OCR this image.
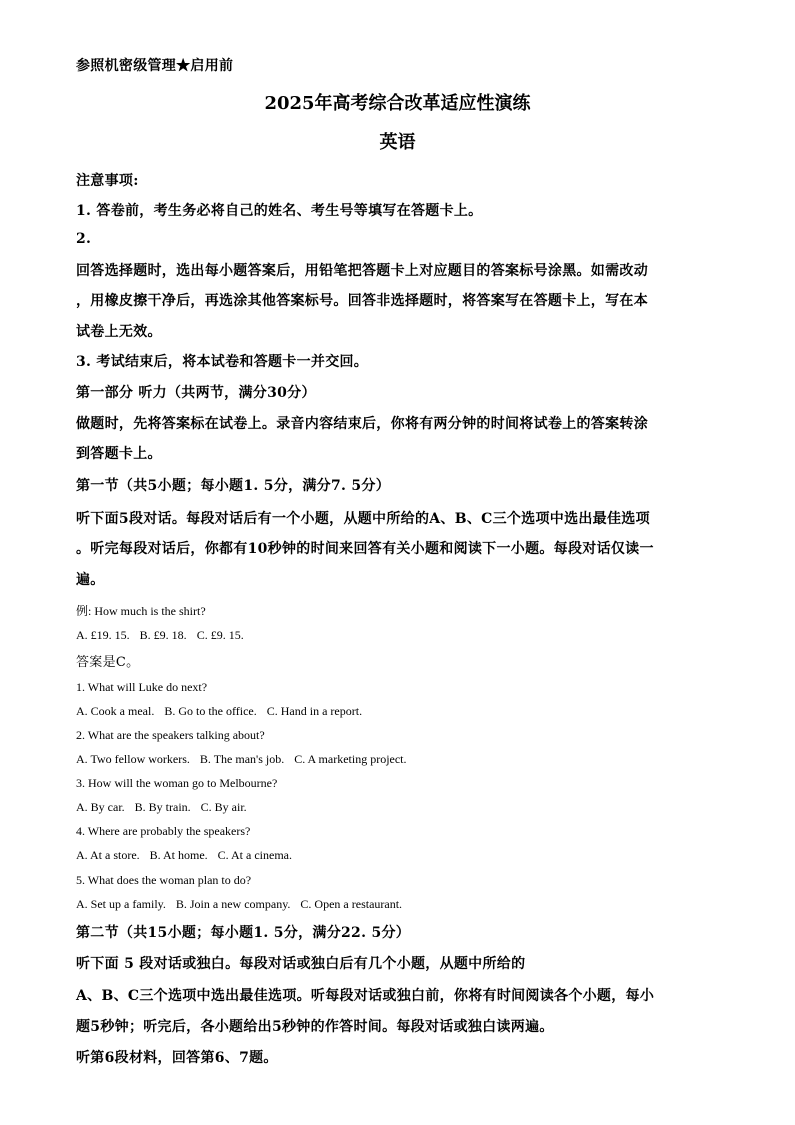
参照机密级管理★启用前
2025年高考综合改革适应性演练
英语
注意事项:
1. 答卷前，考生务必将自己的姓名、考生号等填写在答题卡上。
2.
回答选择题时，选出每小题答案后，用铅笔把答题卡上对应题目的答案标号涂黑。如需改动
，用橡皮擦干净后，再选涂其他答案标号。回答非选择题时，将答案写在答题卡上，写在本
试卷上无效。
3. 考试结束后，将本试卷和答题卡一并交回。
第一部分 听力（共两节，满分30分）
做题时，先将答案标在试卷上。录音内容结束后，你将有两分钟的时间将试卷上的答案转涂
到答题卡上。
第一节（共5小题；每小题1. 5分，满分7. 5分）
听下面5段对话。每段对话后有一个小题，从题中所给的A、B、C三个选项中选出最佳选项
。听完每段对话后，你都有10秒钟的时间来回答有关小题和阅读下一小题。每段对话仅读一
遍。
例: How much is the shirt?
A. £19. 15. B. £9. 18. C. £9. 15.
答案是C。
1. What will Luke do next?
A. Cook a meal. B. Go to the office. C. Hand in a report.
2. What are the speakers talking about?
A. Two fellow workers. B. The man's job. C. A marketing project.
3. How will the woman go to Melbourne?
A. By car. B. By train. C. By air.
4. Where are probably the speakers?
A. At a store. B. At home. C. At a cinema.
5. What does the woman plan to do?
A. Set up a family. B. Join a new company. C. Open a restaurant.
第二节（共15小题；每小题1. 5分，满分22. 5分）
听下面 5 段对话或独白。每段对话或独白后有几个小题，从题中所给的
A、B、C三个选项中选出最佳选项。听每段对话或独白前，你将有时间阅读各个小题，每小
题5秒钟；听完后，各小题给出5秒钟的作答时间。每段对话或独白读两遍。
听第6段材料，回答第6、7题。
